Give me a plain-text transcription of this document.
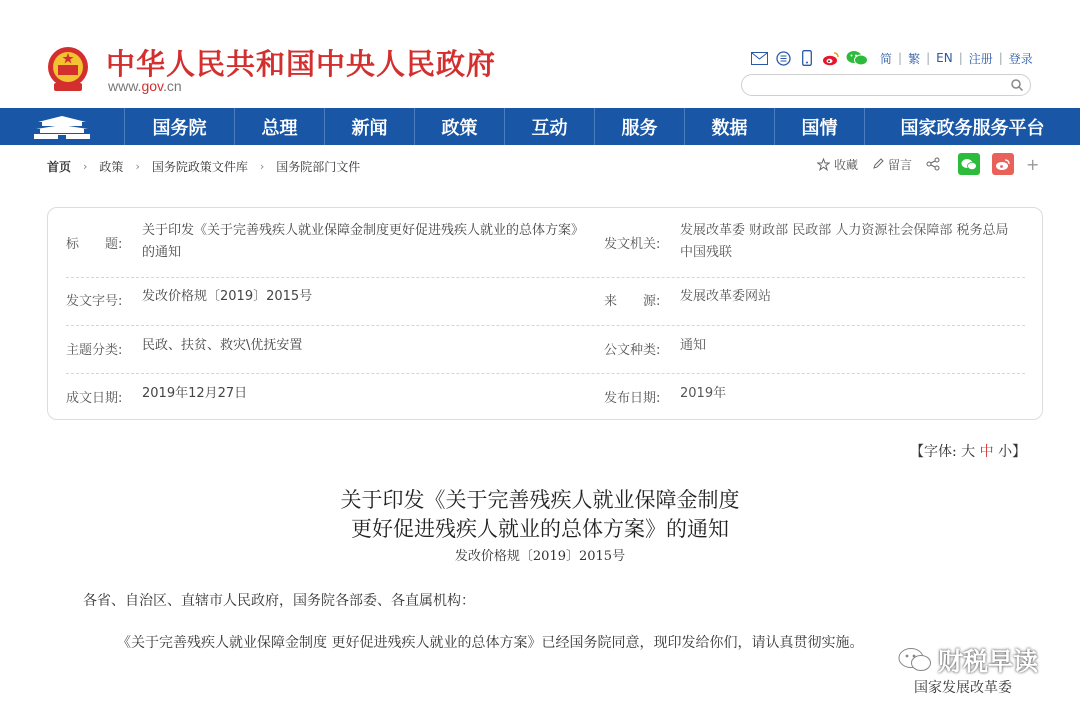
中华人民共和国中央人民政府
www.gov.cn
简 | 繁 | EN | 注册 | 登录
国务院	总理	新闻	政策	互动	服务	数据	国情	国家政务服务平台
首页 › 政策 › 国务院政策文件库 › 国务院部门文件	收藏	留言	+
标　　题:
关于印发《关于完善残疾人就业保障金制度更好促进残疾人就业的总体方案》的通知
发文机关:
发展改革委 财政部 民政部 人力资源社会保障部 税务总局 中国残联
发文字号:	发改价格规〔2019〕2015号	来　　源:	发展改革委网站
主题分类:	民政、扶贫、救灾\优抚安置	公文种类:	通知
成文日期:	2019年12月27日	发布日期:	2019年
【字体: 大 中 小】
关于印发《关于完善残疾人就业保障金制度
更好促进残疾人就业的总体方案》的通知
发改价格规〔2019〕2015号
各省、自治区、直辖市人民政府，国务院各部委、各直属机构：
《关于完善残疾人就业保障金制度 更好促进残疾人就业的总体方案》已经国务院同意，现印发给你们，请认真贯彻实施。
财税早读
国家发展改革委
